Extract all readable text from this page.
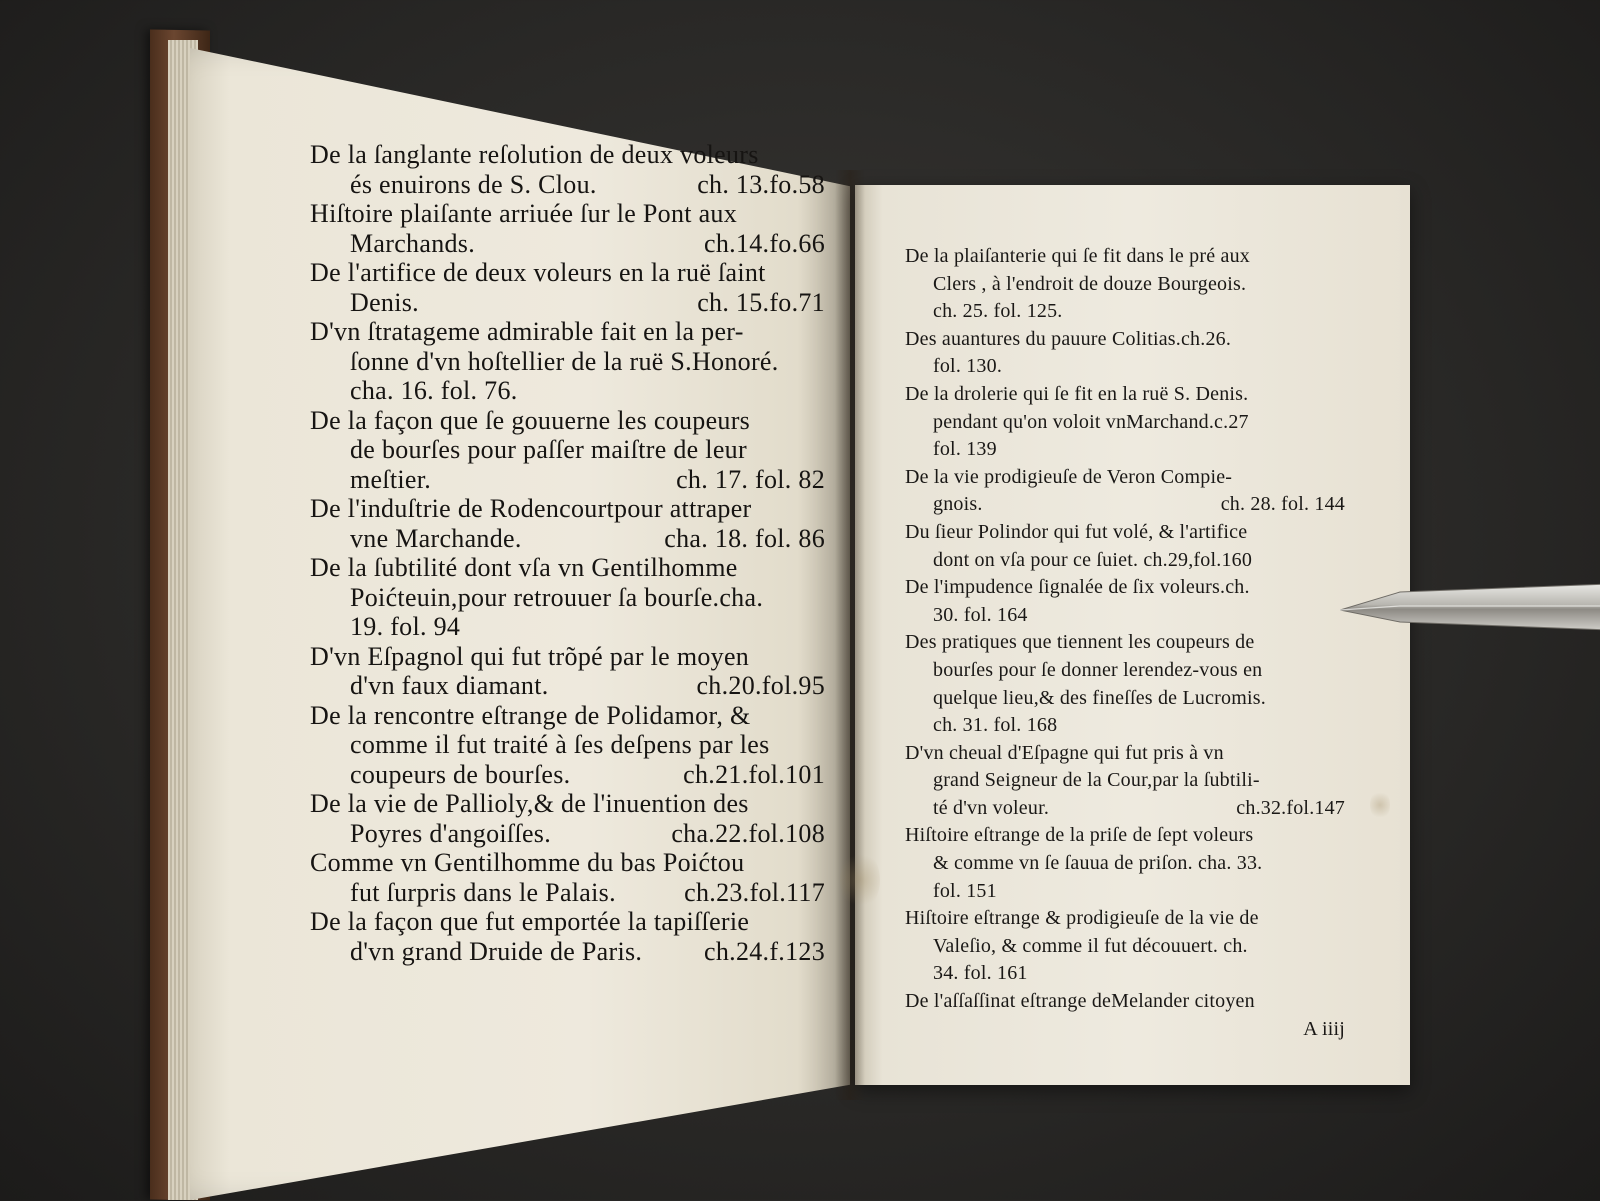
De la ſanglante reſolution de deux voleurs
és enuirons de S. Clou.	ch. 13.fo.58
Hiſtoire plaiſante arriuée ſur le Pont aux
Marchands.	ch.14.fo.66
De l'artifice de deux voleurs en la ruë ſaint
Denis.	ch. 15.fo.71
D'vn ſtratageme admirable fait en la per-
ſonne d'vn hoſtellier de la ruë S.Honoré.
cha. 16. fol. 76.
De la façon que ſe gouuerne les coupeurs
de bourſes pour paſſer maiſtre de leur
meſtier.	ch. 17. fol. 82
De l'induſtrie de Rodencourtpour attraper
vne Marchande.	cha. 18. fol. 86
De la ſubtilité dont vſa vn Gentilhomme
Poićteuin,pour retrouuer ſa bourſe.cha.
19. fol. 94
D'vn Eſpagnol qui fut trõpé par le moyen
d'vn faux diamant.	ch.20.fol.95
De la rencontre eſtrange de Polidamor, &
comme il fut traité à ſes deſpens par les
coupeurs de bourſes.	ch.21.fol.101
De la vie de Pallioly,& de l'inuention des
Poyres d'angoiſſes.	cha.22.fol.108
Comme vn Gentilhomme du bas Poićtou
fut ſurpris dans le Palais.	ch.23.fol.117
De la façon que fut emportée la tapiſſerie
d'vn grand Druide de Paris. ch.24.f.123
De la plaiſanterie qui ſe fit dans le pré aux
Clers , à l'endroit de douze Bourgeois.
ch. 25. fol. 125.
Des auantures du pauure Colitias.ch.26.
fol. 130.
De la drolerie qui ſe fit en la ruë S. Denis.
pendant qu'on voloit vnMarchand.c.27
fol. 139
De la vie prodigieuſe de Veron Compie-
gnois.	ch. 28. fol. 144
Du ſieur Polindor qui fut volé, & l'artifice
dont on vſa pour ce ſuiet. ch.29,fol.160
De l'impudence ſignalée de ſix voleurs.ch.
30. fol. 164
Des pratiques que tiennent les coupeurs de
bourſes pour ſe donner lerendez-vous en
quelque lieu,& des fineſſes de Lucromis.
ch. 31. fol. 168
D'vn cheual d'Eſpagne qui fut pris à vn
grand Seigneur de la Cour,par la ſubtili-
té d'vn voleur.	ch.32.fol.147
Hiſtoire eſtrange de la priſe de ſept voleurs
& comme vn ſe ſauua de priſon. cha. 33.
fol. 151
Hiſtoire eſtrange & prodigieuſe de la vie de
Valeſio, & comme il fut découuert. ch.
34. fol. 161
De l'aſſaſſinat eſtrange deMelander citoyen
A iiij
